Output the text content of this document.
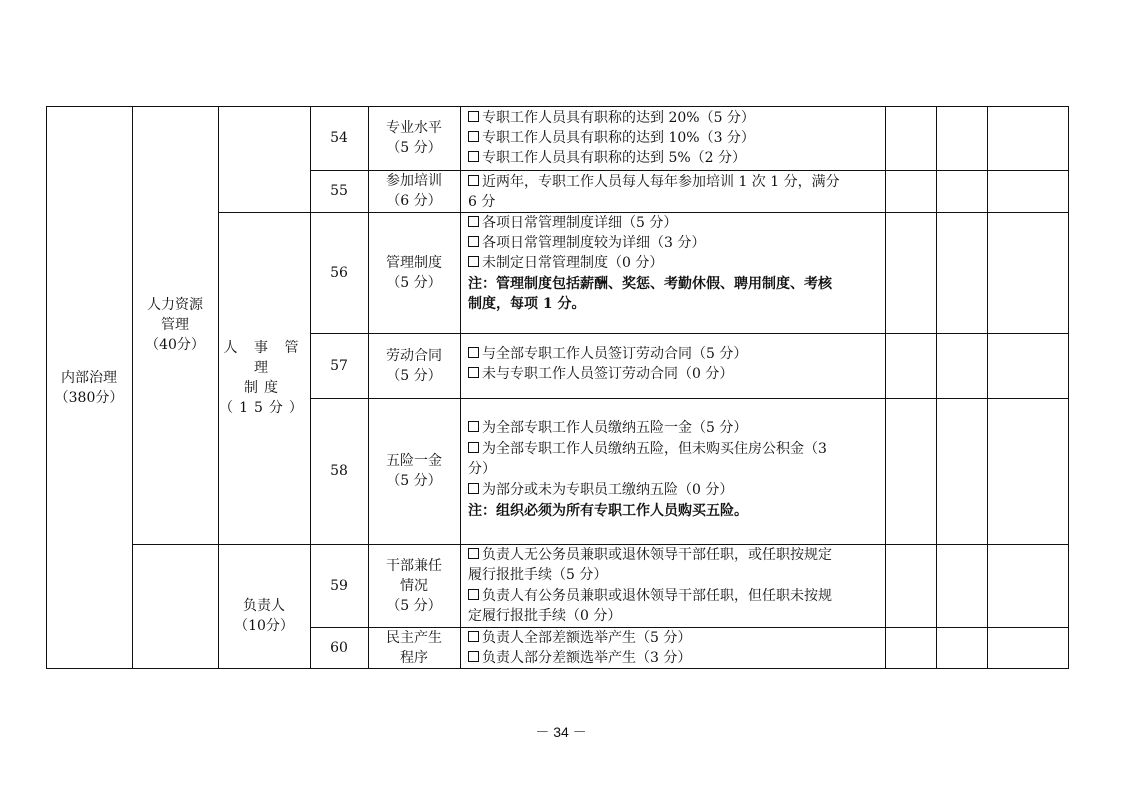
内部治理
（380分）
人力资源
管理
（40分）	人 事 管 理
制度
（15分）
负责人
（10分）
54
专业水平
（5 分）
专职工作人员具有职称的达到 20%（5 分）
专职工作人员具有职称的达到 10%（3 分）
专职工作人员具有职称的达到 5%（2 分）
55
参加培训
（6 分）
近两年，专职工作人员每人每年参加培训 1 次 1 分，满分
6 分
56
管理制度
（5 分）
各项日常管理制度详细（5 分）
各项日常管理制度较为详细（3 分）
未制定日常管理制度（0 分）
注：管理制度包括薪酬、奖惩、考勤休假、聘用制度、考核
制度，每项 1 分。
57
劳动合同
（5 分）
与全部专职工作人员签订劳动合同（5 分）
未与专职工作人员签订劳动合同（0 分）
58
五险一金
（5 分）
为全部专职工作人员缴纳五险一金（5 分）
为全部专职工作人员缴纳五险，但未购买住房公积金（3
分）
为部分或未为专职员工缴纳五险（0 分）
注：组织必须为所有专职工作人员购买五险。
59
干部兼任
情况
（5 分）
负责人无公务员兼职或退休领导干部任职，或任职按规定
履行报批手续（5 分）
负责人有公务员兼职或退休领导干部任职，但任职未按规
定履行报批手续（0 分）
60
民主产生
程序
负责人全部差额选举产生（5 分）
负责人部分差额选举产生（3 分）
－ 34 －
